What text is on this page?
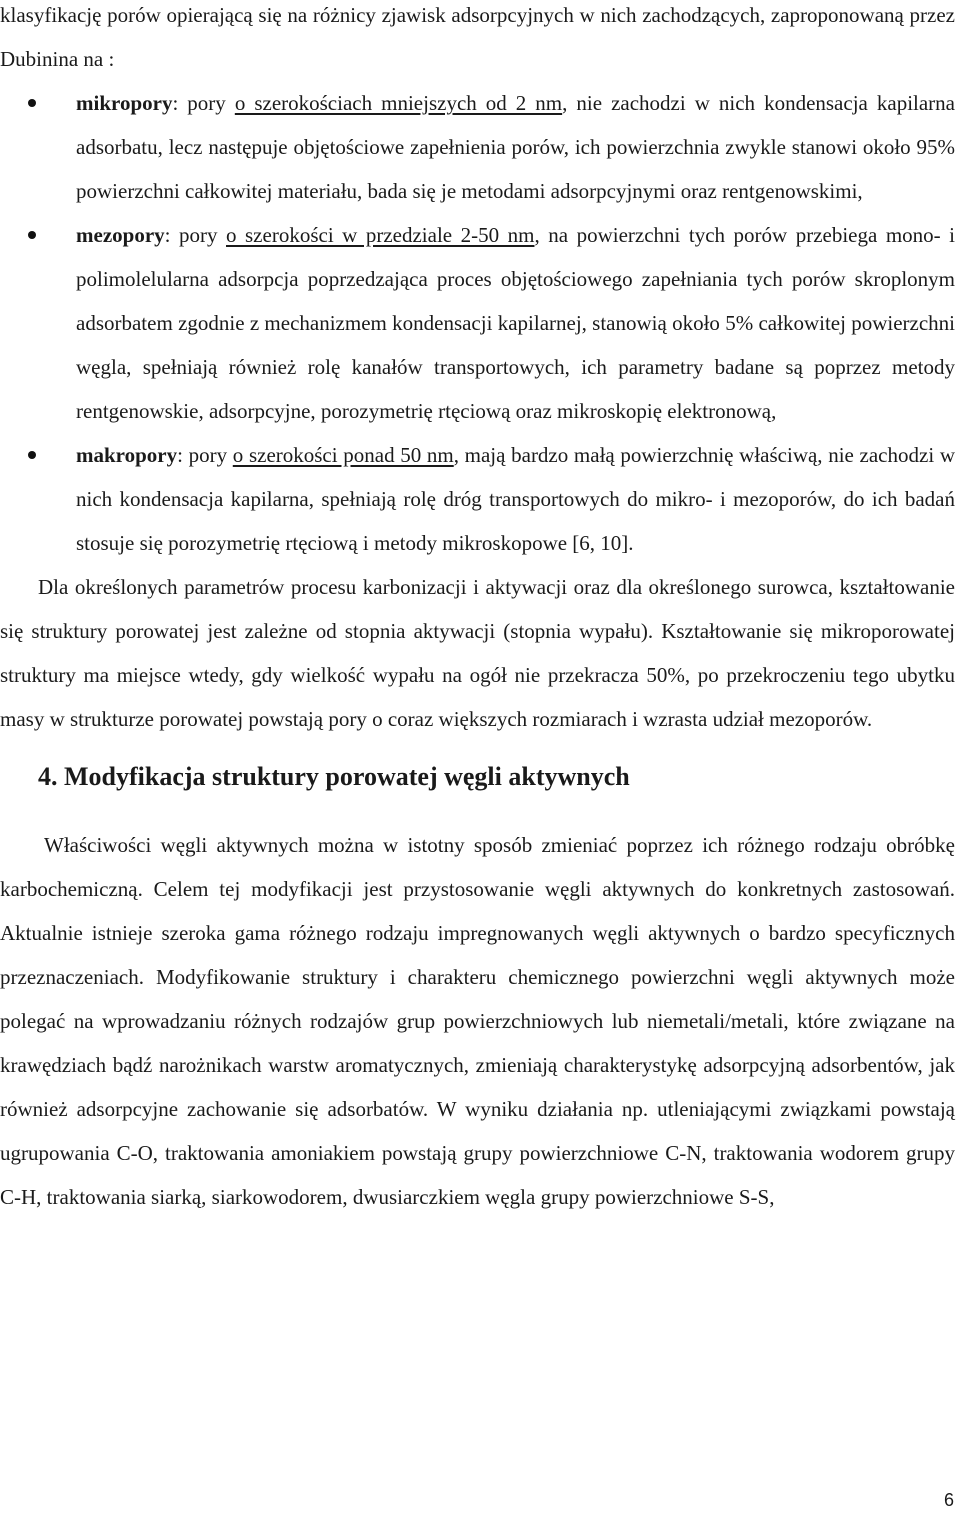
klasyfikację porów opierającą się na różnicy zjawisk adsorpcyjnych w nich zachodzących, zaproponowaną przez Dubinina na :

mikropory: pory o szerokościach mniejszych od 2 nm, nie zachodzi w nich kondensacja kapilarna adsorbatu, lecz następuje objętościowe zapełnienia porów, ich powierzchnia zwykle stanowi około 95% powierzchni całkowitej materiału, bada się je metodami adsorpcyjnymi oraz rentgenowskimi,
mezopory: pory o szerokości w przedziale 2-50 nm, na powierzchni tych porów przebiega mono- i polimolelularna adsorpcja poprzedzająca proces objętościowego zapełniania tych porów skroplonym adsorbatem zgodnie z mechanizmem kondensacji kapilarnej, stanowią około 5% całkowitej powierzchni węgla, spełniają również rolę kanałów transportowych, ich parametry badane są poprzez metody rentgenowskie, adsorpcyjne, porozymetrię rtęciową oraz mikroskopię elektronową,
makropory: pory o szerokości ponad 50 nm, mają bardzo małą powierzchnię właściwą, nie zachodzi w nich kondensacja kapilarna, spełniają rolę dróg transportowych do mikro- i mezoporów, do ich badań stosuje się porozymetrię rtęciową i metody mikroskopowe [6, 10].

Dla określonych parametrów procesu karbonizacji i aktywacji oraz dla określonego surowca, kształtowanie się struktury porowatej jest zależne od stopnia aktywacji (stopnia wypału). Kształtowanie się mikroporowatej struktury ma miejsce wtedy, gdy wielkość wypału na ogół nie przekracza 50%, po przekroczeniu tego ubytku masy w strukturze porowatej powstają pory o coraz większych rozmiarach i wzrasta udział mezoporów.

4. Modyfikacja struktury porowatej węgli aktywnych

Właściwości węgli aktywnych można w istotny sposób zmieniać poprzez ich różnego rodzaju obróbkę karbochemiczną. Celem tej modyfikacji jest przystosowanie węgli aktywnych do konkretnych zastosowań. Aktualnie istnieje szeroka gama różnego rodzaju impregnowanych węgli aktywnych o bardzo specyficznych przeznaczeniach. Modyfikowanie struktury i charakteru chemicznego powierzchni węgli aktywnych może polegać na wprowadzaniu różnych rodzajów grup powierzchniowych lub niemetali/metali, które związane na krawędziach bądź narożnikach warstw aromatycznych, zmieniają charakterystykę adsorpcyjną adsorbentów, jak również adsorpcyjne zachowanie się adsorbatów. W wyniku działania np. utleniającymi związkami powstają ugrupowania C-O, traktowania amoniakiem powstają grupy powierzchniowe C-N, traktowania wodorem grupy C-H, traktowania siarką, siarkowodorem, dwusiarczkiem węgla grupy powierzchniowe S-S,

6
